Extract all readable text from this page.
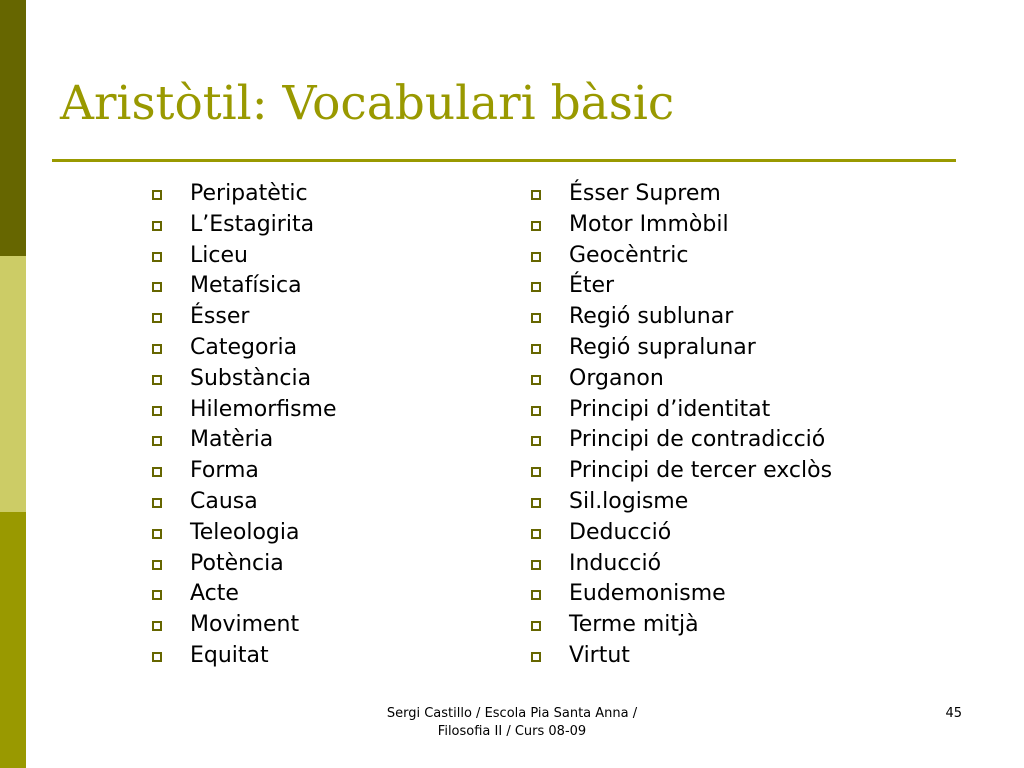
Aristòtil: Vocabulari bàsic
Peripatètic
L’Estagirita
Liceu
Metafísica
Ésser
Categoria
Substància
Hilemorfisme
Matèria
Forma
Causa
Teleologia
Potència
Acte
Moviment
Equitat
Ésser Suprem
Motor Immòbil
Geocèntric
Éter
Regió sublunar
Regió supralunar
Organon
Principi d’identitat
Principi de contradicció
Principi de tercer exclòs
Sil.logisme
Deducció
Inducció
Eudemonisme
Terme mitjà
Virtut
Sergi Castillo / Escola Pia Santa Anna /
Filosofia II / Curs 08-09
45
